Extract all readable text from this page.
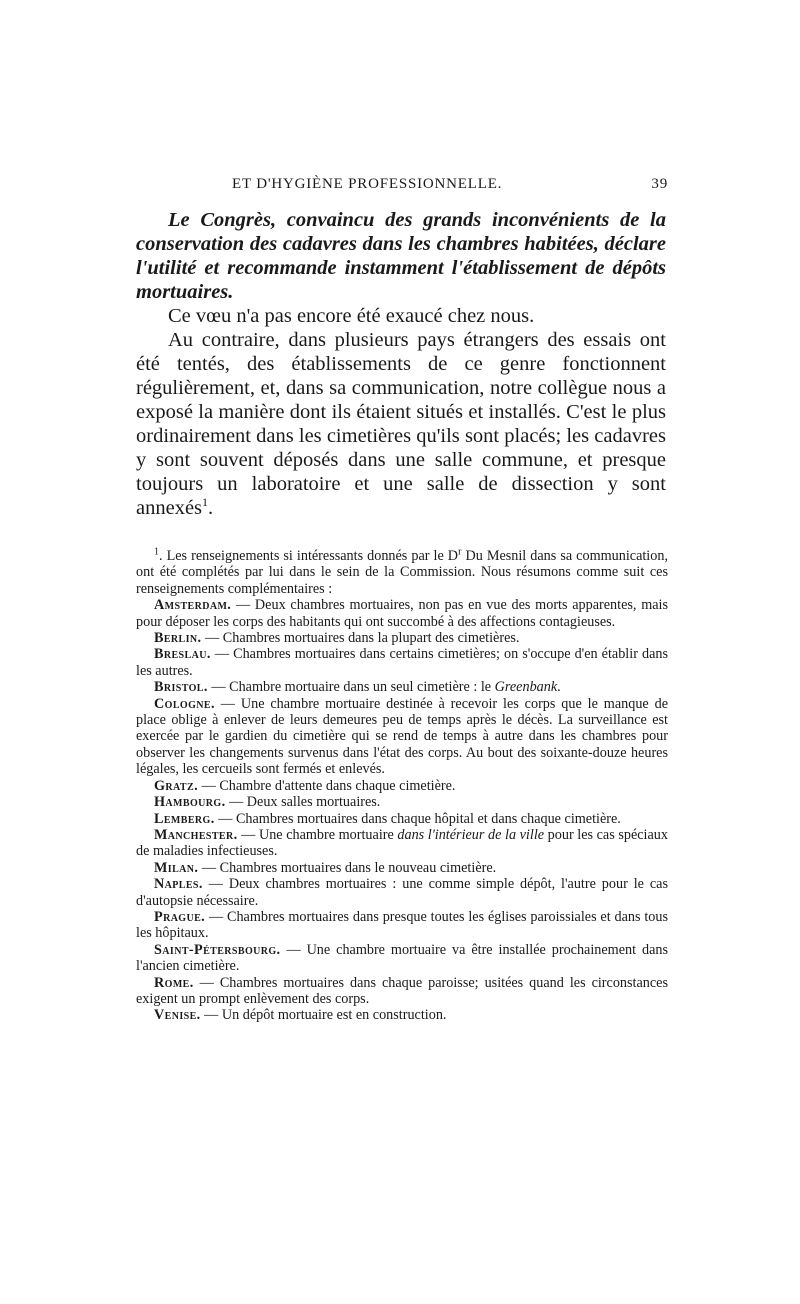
ET D'HYGIÈNE PROFESSIONNELLE.	39

Le Congrès, convaincu des grands inconvénients de la conservation des cadavres dans les chambres habitées, déclare l'utilité et recommande instamment l'établissement de dépôts mortuaires.

Ce vœu n'a pas encore été exaucé chez nous.

Au contraire, dans plusieurs pays étrangers des essais ont été tentés, des établissements de ce genre fonctionnent régulièrement, et, dans sa communication, notre collègue nous a exposé la manière dont ils étaient situés et installés. C'est le plus ordinairement dans les cimetières qu'ils sont placés; les cadavres y sont souvent déposés dans une salle commune, et presque toujours un laboratoire et une salle de dissection y sont annexés$^1$.

$^1$. Les renseignements si intéressants donnés par le $D^r$ Du Mesnil dans sa communication, ont été complétés par lui dans le sein de la Commission. Nous résumons comme suit ces renseignements complémentaires :

Amsterdam. — Deux chambres mortuaires, non pas en vue des morts apparentes, mais pour déposer les corps des habitants qui ont succombé à des affections contagieuses.

Berlin. — Chambres mortuaires dans la plupart des cimetières.

Breslau. — Chambres mortuaires dans certains cimetières; on s'occupe d'en établir dans les autres.

Bristol. — Chambre mortuaire dans un seul cimetière : le Greenbank.

Cologne. — Une chambre mortuaire destinée à recevoir les corps que le manque de place oblige à enlever de leurs demeures peu de temps après le décès. La surveillance est exercée par le gardien du cimetière qui se rend de temps à autre dans les chambres pour observer les changements survenus dans l'état des corps. Au bout des soixante-douze heures légales, les cercueils sont fermés et enlevés.

Gratz. — Chambre d'attente dans chaque cimetière.

Hambourg. — Deux salles mortuaires.

Lemberg. — Chambres mortuaires dans chaque hôpital et dans chaque cimetière.

Manchester. — Une chambre mortuaire dans l'intérieur de la ville pour les cas spéciaux de maladies infectieuses.

Milan. — Chambres mortuaires dans le nouveau cimetière.

Naples. — Deux chambres mortuaires : une comme simple dépôt, l'autre pour le cas d'autopsie nécessaire.

Prague. — Chambres mortuaires dans presque toutes les églises paroissiales et dans tous les hôpitaux.

Saint-Pétersbourg. — Une chambre mortuaire va être installée prochainement dans l'ancien cimetière.

Rome. — Chambres mortuaires dans chaque paroisse; usitées quand les circonstances exigent un prompt enlèvement des corps.

Venise. — Un dépôt mortuaire est en construction.
